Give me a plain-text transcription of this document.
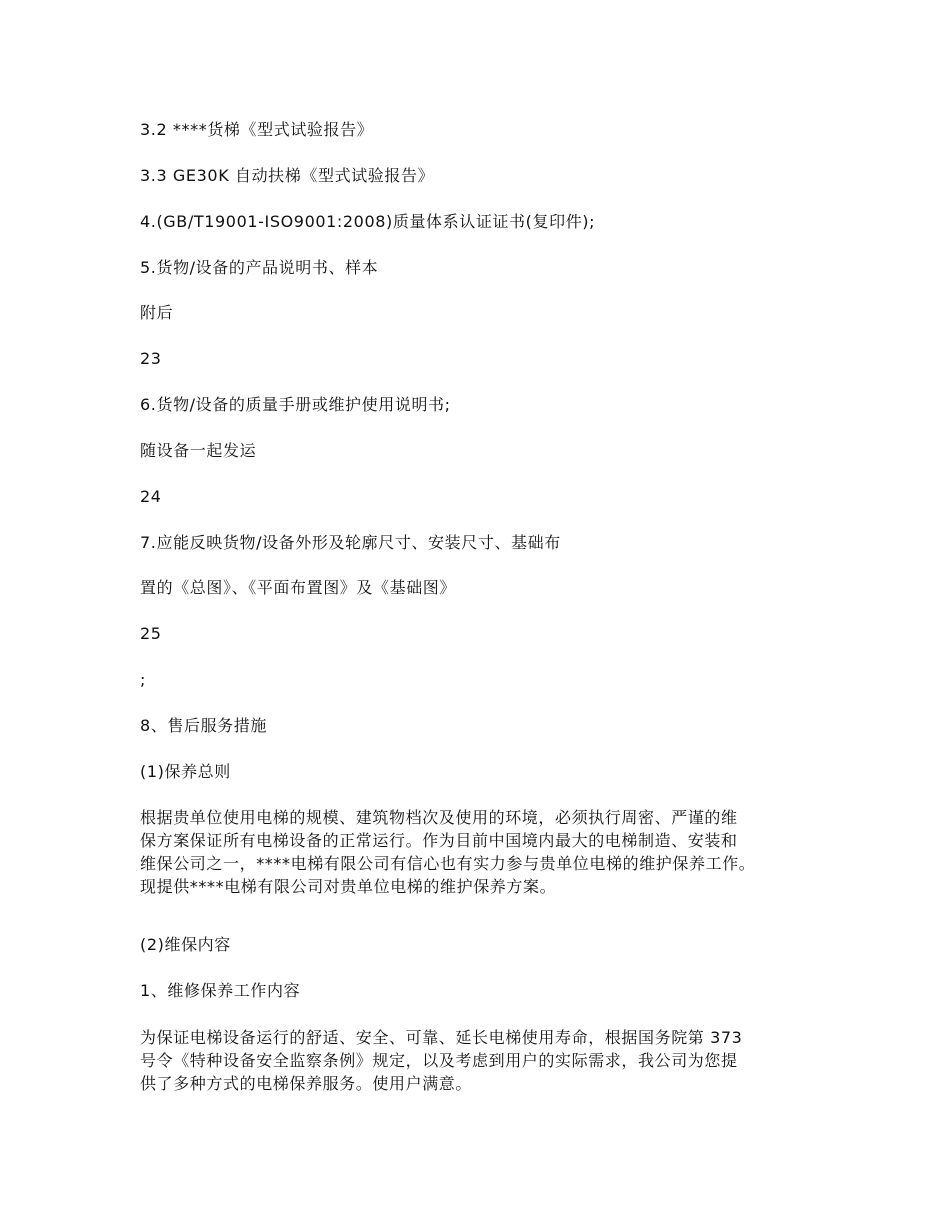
3.2 ****货梯《型式试验报告》
3.3 GE30K 自动扶梯《型式试验报告》
4.(GB/T19001-ISO9001:2008)质量体系认证证书(复印件);
5.货物/设备的产品说明书、样本
附后
23
6.货物/设备的质量手册或维护使用说明书;
随设备一起发运
24
7.应能反映货物/设备外形及轮廓尺寸、安装尺寸、基础布
置的《总图》、《平面布置图》及《基础图》
25
;
8、售后服务措施
(1)保养总则
根据贵单位使用电梯的规模、建筑物档次及使用的环境，必须执行周密、严谨的维
保方案保证所有电梯设备的正常运行。作为目前中国境内最大的电梯制造、安装和
维保公司之一，****电梯有限公司有信心也有实力参与贵单位电梯的维护保养工作。
现提供****电梯有限公司对贵单位电梯的维护保养方案。
(2)维保内容
1、维修保养工作内容
为保证电梯设备运行的舒适、安全、可靠、延长电梯使用寿命，根据国务院第 373
号令《特种设备安全监察条例》规定，以及考虑到用户的实际需求，我公司为您提
供了多种方式的电梯保养服务。使用户满意。
